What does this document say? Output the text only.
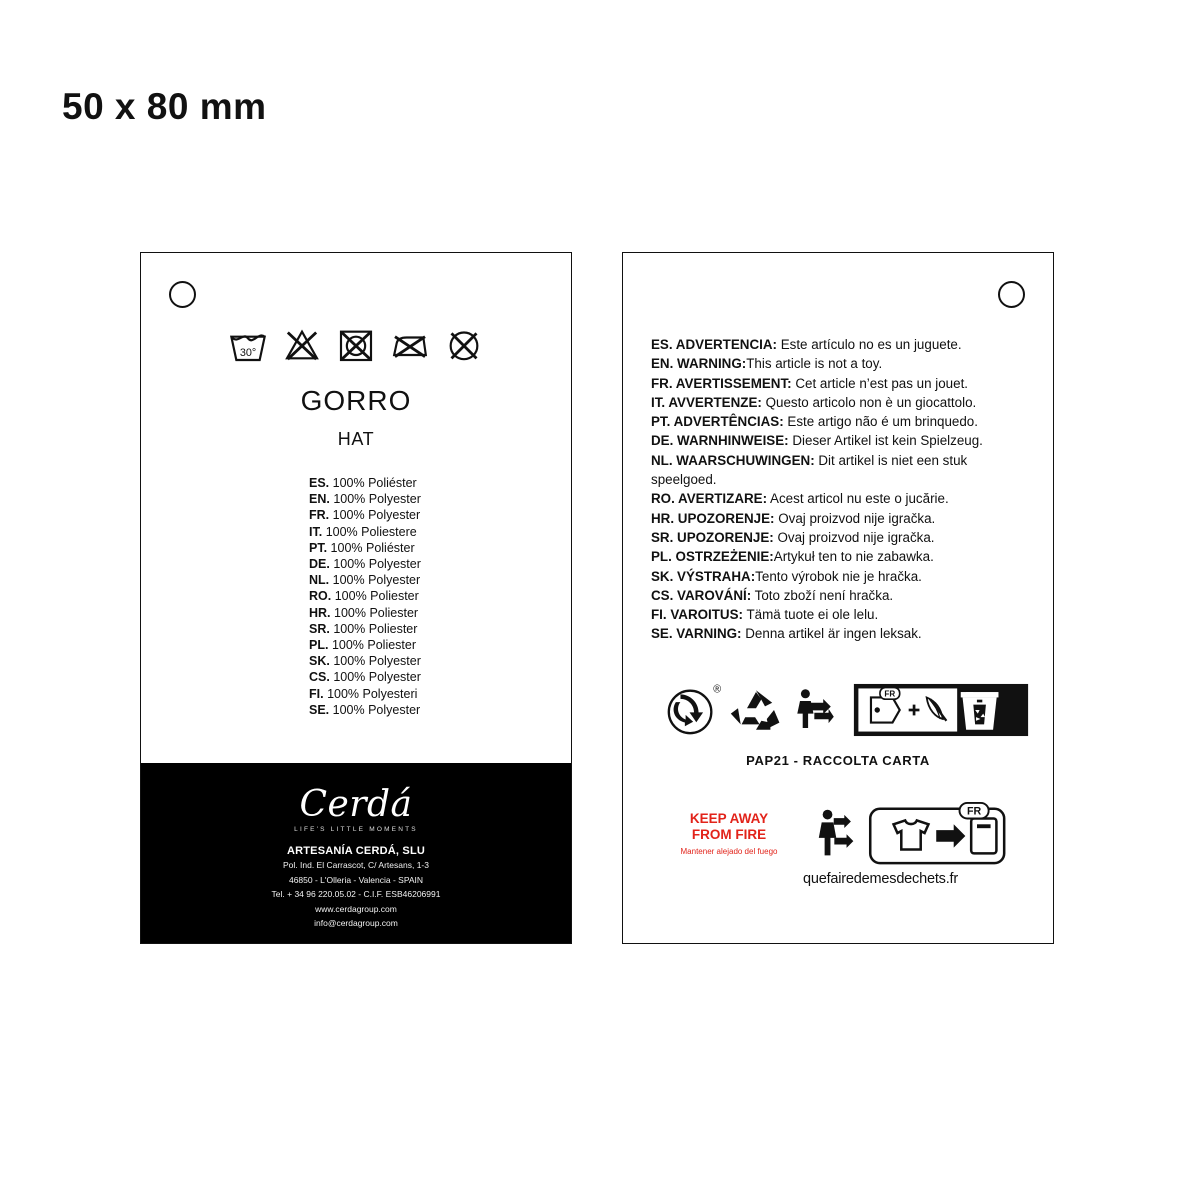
50 x 80 mm
30°
GORRO
HAT
ES. 100% Poliéster
EN. 100% Polyester
FR. 100% Polyester
IT. 100% Poliestere
PT. 100% Poliéster
DE. 100% Polyester
NL. 100% Polyester
RO. 100% Poliester
HR. 100% Poliester
SR. 100% Poliester
PL. 100% Poliester
SK. 100% Polyester
CS. 100% Polyester
FI. 100% Polyesteri
SE. 100% Polyester
Cerdá
LIFE'S LITTLE MOMENTS
ARTESANÍA CERDÁ, SLU
Pol. Ind. El Carrascot, C/ Artesans, 1-3
46850 - L'Olleria - Valencia - SPAIN
Tel. + 34 96 220.05.02 - C.I.F. ESB46206991
www.cerdagroup.com
info@cerdagroup.com
ES. ADVERTENCIA: Este artículo no es un juguete.
EN. WARNING:This article is not a toy.
FR. AVERTISSEMENT: Cet article n’est pas un jouet.
IT. AVVERTENZE: Questo articolo non è un giocattolo.
PT. ADVERTÊNCIAS: Este artigo não é um brinquedo.
DE. WARNHINWEISE: Dieser Artikel ist kein Spielzeug.
NL. WAARSCHUWINGEN: Dit artikel is niet een stuk speelgoed.
RO. AVERTIZARE: Acest articol nu este o jucărie.
HR. UPOZORENJE: Ovaj proizvod nije igračka.
SR. UPOZORENJE: Ovaj proizvod nije igračka.
PL. OSTRZEŻENIE:Artykuł ten to nie zabawka.
SK. VÝSTRAHA:Tento výrobok nie je hračka.
CS. VAROVÁNÍ: Toto zboží není hračka.
FI. VAROITUS: Tämä tuote ei ole lelu.
SE. VARNING: Denna artikel är ingen leksak.
®	FR
PAP21 - RACCOLTA CARTA
KEEP AWAY
FROM FIRE
Mantener alejado del fuego
FR
quefairedemesdechets.fr
